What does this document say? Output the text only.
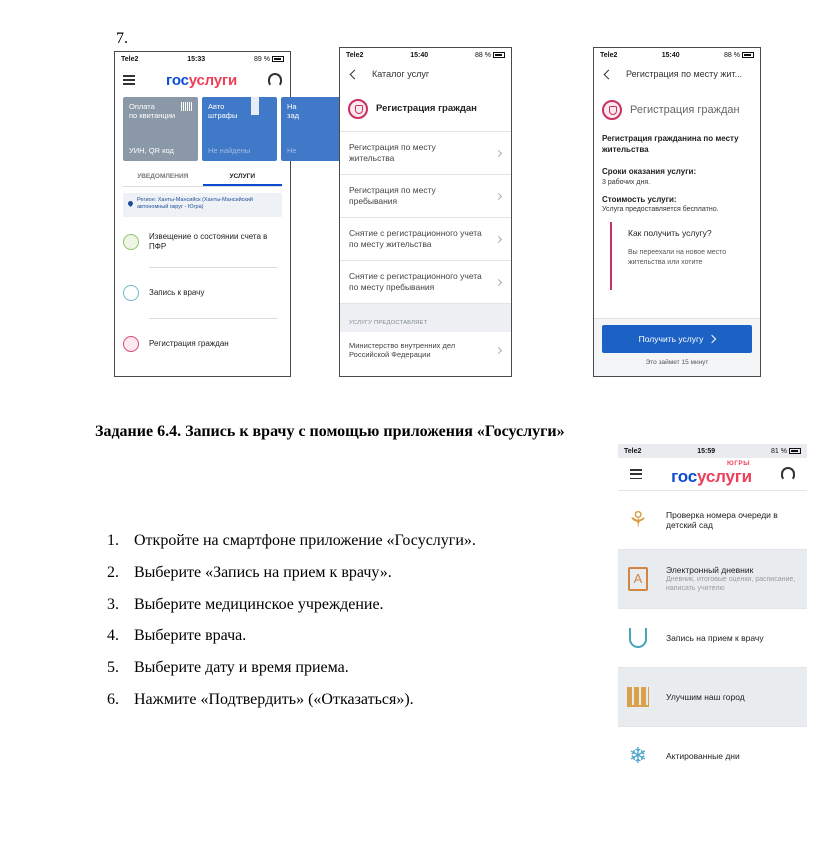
7.
Tele2	15:33	89 %
госуслуги
Оплата
по квитанции
УИН, QR код
Авто
штрафы
Не найдены
На
зад
Не
УВЕДОМЛЕНИЯ	УСЛУГИ
Регион: Ханты-Мансийск (Ханты-Мансийский автономный округ - Югра)
Извещение о состоянии счета в ПФР
Запись к врачу
Регистрация граждан
Tele2	15:40	88 %
Каталог услуг
Регистрация граждан
Регистрация по месту жительства
Регистрация по месту пребывания
Снятие с регистрационного учета по месту жительства
Снятие с регистрационного учета по месту пребывания
УСЛУГУ ПРЕДОСТАВЛЯЕТ
Министерство внутренних дел Российской Федерации
Tele2	15:40	88 %
Регистрация по месту жит...
Регистрация граждан
Регистрация гражданина по месту жительства
Сроки оказания услуги:
3 рабочих дня.
Стоимость услуги:
Услуга предоставляется бесплатно.
Как получить услугу?
Вы переехали на новое место жительства или хотите
Получить услугу
Это займет 15 минут
Задание 6.4. Запись к врачу с помощью приложения «Госуслуги»
1. Откройте на смартфоне приложение «Госуслуги».
2. Выберите «Запись на прием к врачу».
3. Выберите медицинское учреждение.
4. Выберите врача.
5. Выберите дату и время приема.
6. Нажмите «Подтвердить» («Отказаться»).
Tele2	15:59	81 %
ЮГРЫ
госуслуги
⚘	Проверка номера очереди в детский сад
A
Электронный дневник
Дневник, итоговые оценки, расписание, написать учителю
Запись на прием к врачу
Улучшим наш город
❄	Актированные дни
